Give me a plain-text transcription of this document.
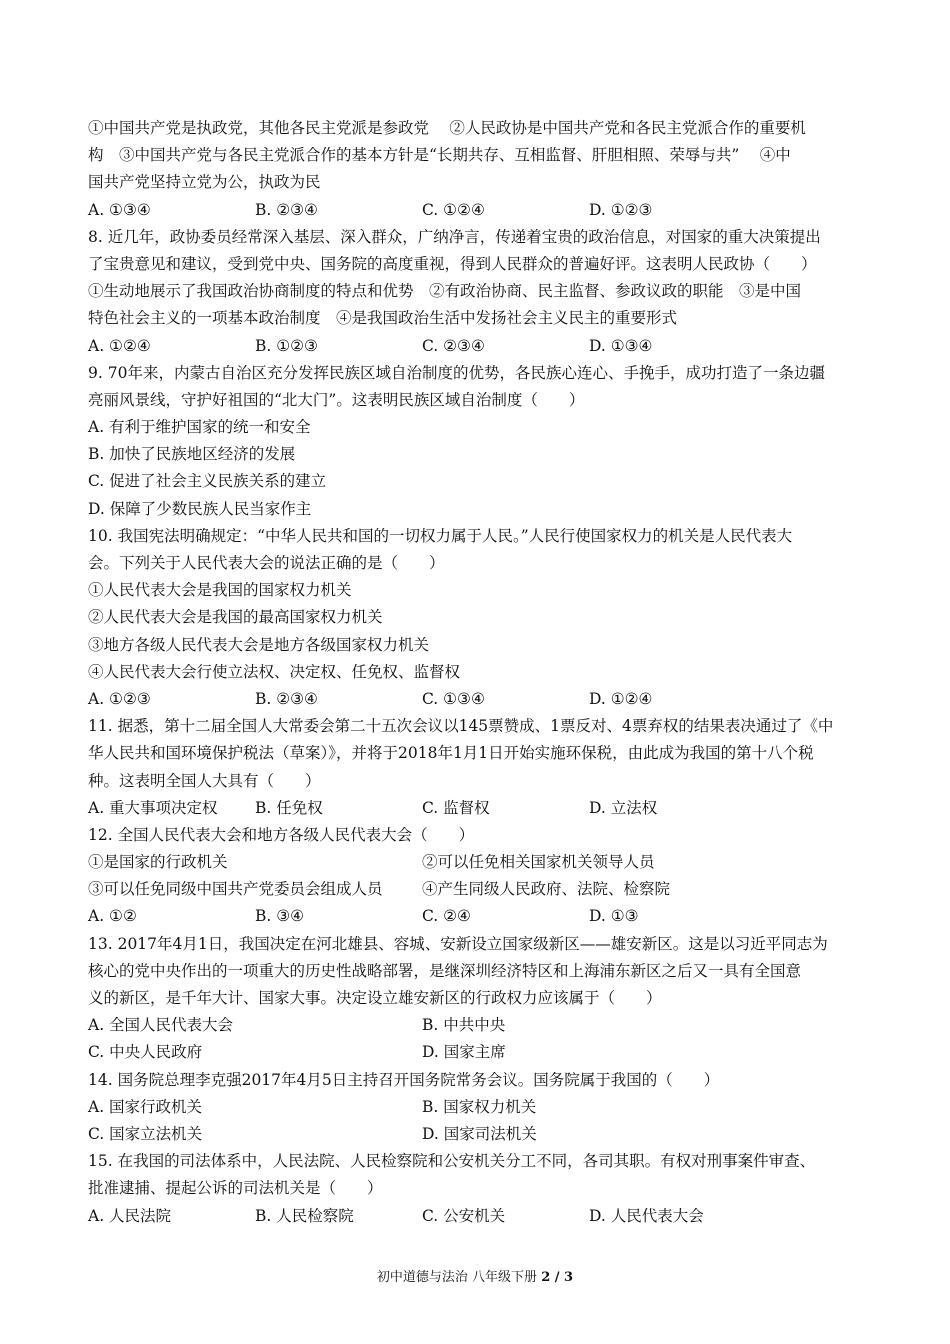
①中国共产党是执政党，其他各民主党派是参政党　 ②人民政协是中国共产党和各民主党派合作的重要机
构　③中国共产党与各民主党派合作的基本方针是“长期共存、互相监督、肝胆相照、荣辱与共”　 ④中
国共产党坚持立党为公，执政为民
A. ①③④	B. ②③④	C. ①②④	D. ①②③
8. 近几年，政协委员经常深入基层、深入群众，广纳净言，传递着宝贵的政治信息，对国家的重大决策提出
了宝贵意见和建议，受到党中央、国务院的高度重视，得到人民群众的普遍好评。这表明人民政协（　　）
①生动地展示了我国政治协商制度的特点和优势　②有政治协商、民主监督、参政议政的职能　③是中国
特色社会主义的一项基本政治制度　④是我国政治生活中发扬社会主义民主的重要形式
A. ①②④	B. ①②③	C. ②③④	D. ①③④
9. 70年来，内蒙古自治区充分发挥民族区域自治制度的优势，各民族心连心、手挽手，成功打造了一条边疆
亮丽风景线，守护好祖国的“北大门”。这表明民族区域自治制度（　　）
A. 有利于维护国家的统一和安全
B. 加快了民族地区经济的发展
C. 促进了社会主义民族关系的建立
D. 保障了少数民族人民当家作主
10. 我国宪法明确规定：“中华人民共和国的一切权力属于人民。”人民行使国家权力的机关是人民代表大
会。下列关于人民代表大会的说法正确的是（　　）
①人民代表大会是我国的国家权力机关
②人民代表大会是我国的最高国家权力机关
③地方各级人民代表大会是地方各级国家权力机关
④人民代表大会行使立法权、决定权、任免权、监督权
A. ①②③	B. ②③④	C. ①③④	D. ①②④
11. 据悉，第十二届全国人大常委会第二十五次会议以145票赞成、1票反对、4票弃权的结果表决通过了《中
华人民共和国环境保护税法（草案）》，并将于2018年1月1日开始实施环保税，由此成为我国的第十八个税
种。这表明全国人大具有（　　）
A. 重大事项决定权	B. 任免权	C. 监督权	D. 立法权
12. 全国人民代表大会和地方各级人民代表大会（　　）
①是国家的行政机关	②可以任免相关国家机关领导人员
③可以任免同级中国共产党委员会组成人员	④产生同级人民政府、法院、检察院
A. ①②	B. ③④	C. ②④	D. ①③
13. 2017年4月1日，我国决定在河北雄县、容城、安新设立国家级新区——雄安新区。这是以习近平同志为
核心的党中央作出的一项重大的历史性战略部署，是继深圳经济特区和上海浦东新区之后又一具有全国意
义的新区，是千年大计、国家大事。决定设立雄安新区的行政权力应该属于（　　）
A. 全国人民代表大会	B. 中共中央
C. 中央人民政府	D. 国家主席
14. 国务院总理李克强2017年4月5日主持召开国务院常务会议。国务院属于我国的（　　）
A. 国家行政机关	B. 国家权力机关
C. 国家立法机关	D. 国家司法机关
15. 在我国的司法体系中，人民法院、人民检察院和公安机关分工不同，各司其职。有权对刑事案件审查、
批准逮捕、提起公诉的司法机关是（　　）
A. 人民法院	B. 人民检察院	C. 公安机关	D. 人民代表大会
初中道德与法治 八年级下册 2 / 3
